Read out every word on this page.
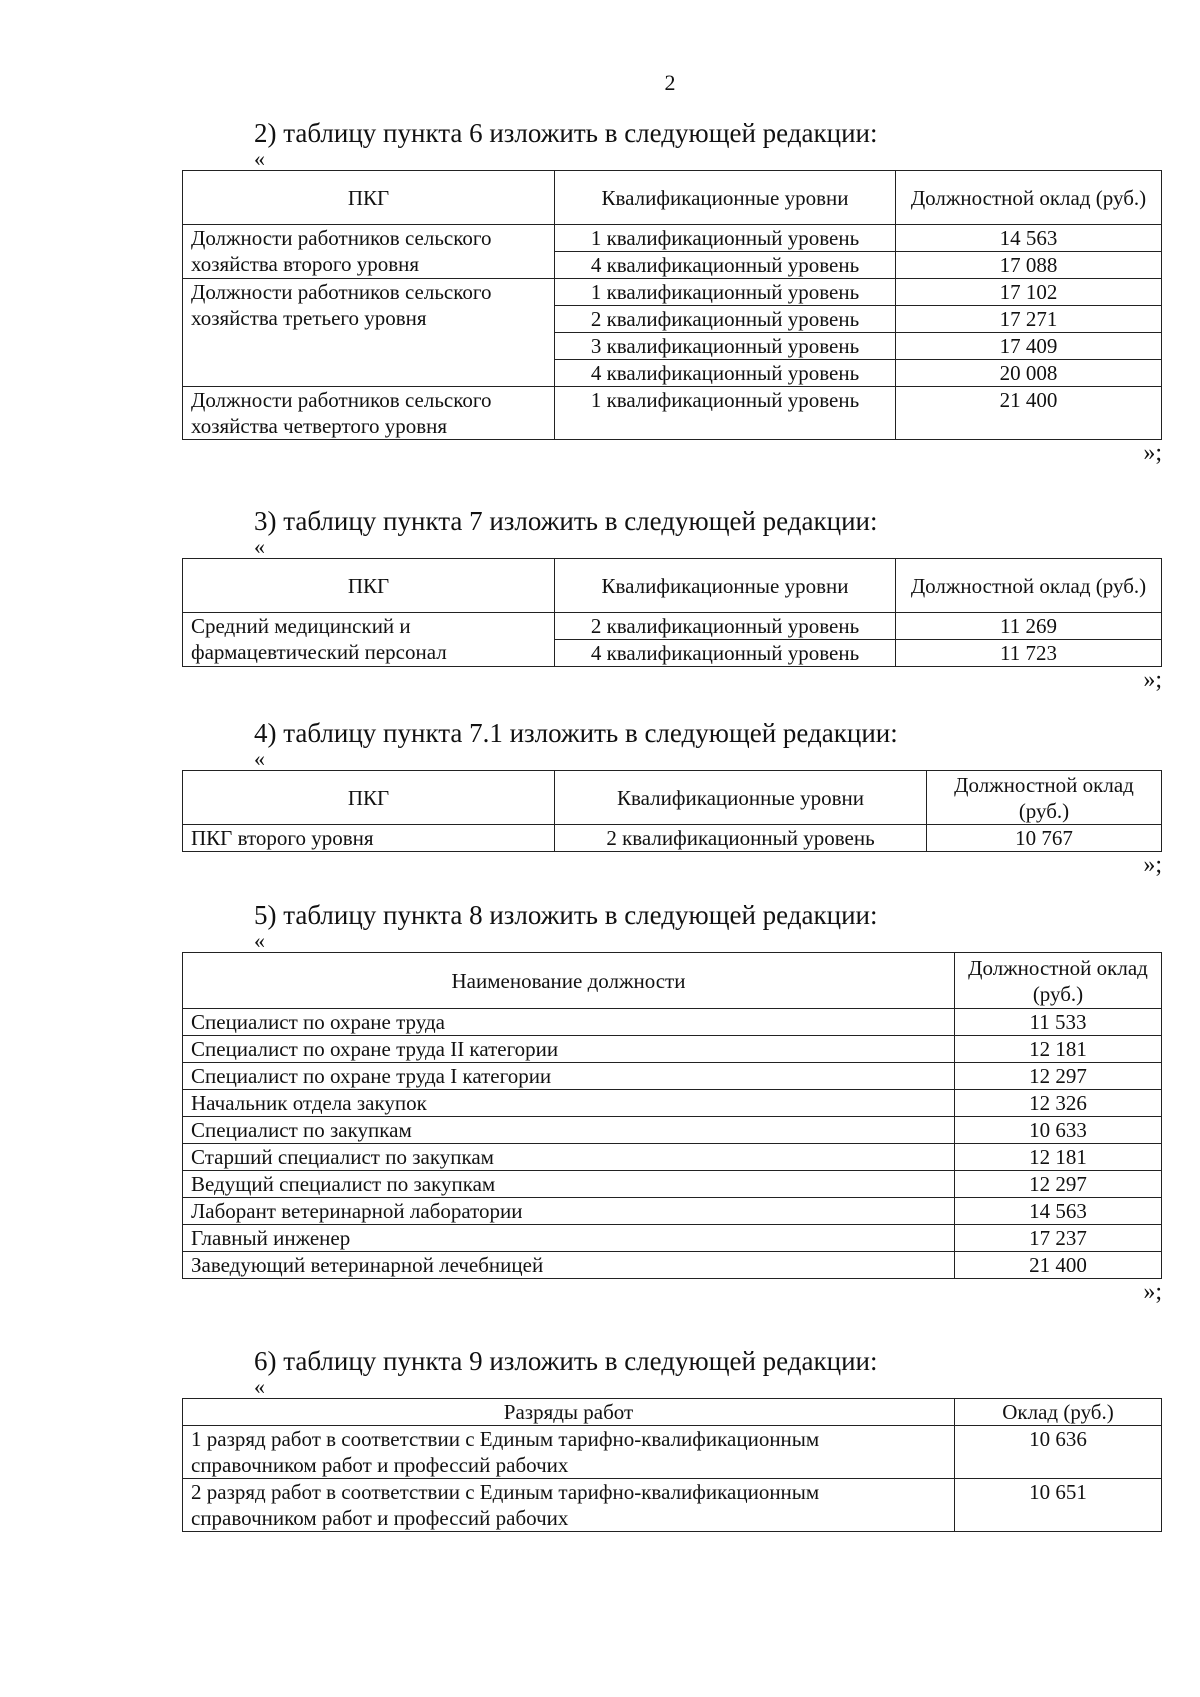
2
2) таблицу пункта 6 изложить в следующей редакции:
«
ПКГ	Квалификационные уровни	Должностной оклад (руб.)
Должности работников сельского хозяйства второго уровня	1 квалификационный уровень	14 563
	4 квалификационный уровень	17 088
Должности работников сельского хозяйства третьего уровня	1 квалификационный уровень	17 102
	2 квалификационный уровень	17 271
	3 квалификационный уровень	17 409
	4 квалификационный уровень	20 008
Должности работников сельского хозяйства четвертого уровня	1 квалификационный уровень	21 400
»;
3) таблицу пункта 7 изложить в следующей редакции:
«
ПКГ	Квалификационные уровни	Должностной оклад (руб.)
Средний медицинский и фармацевтический персонал	2 квалификационный уровень	11 269
	4 квалификационный уровень	11 723
»;
4) таблицу пункта 7.1 изложить в следующей редакции:
«
ПКГ	Квалификационные уровни	Должностной оклад (руб.)
ПКГ второго уровня	2 квалификационный уровень	10 767
»;
5) таблицу пункта 8 изложить в следующей редакции:
«
Наименование должности	Должностной оклад (руб.)
Специалист по охране труда	11 533
Специалист по охране труда II категории	12 181
Специалист по охране труда I категории	12 297
Начальник отдела закупок	12 326
Специалист по закупкам	10 633
Старший специалист по закупкам	12 181
Ведущий специалист по закупкам	12 297
Лаборант ветеринарной лаборатории	14 563
Главный инженер	17 237
Заведующий ветеринарной лечебницей	21 400
»;
6) таблицу пункта 9 изложить в следующей редакции:
«
Разряды работ	Оклад (руб.)
1 разряд работ в соответствии с Единым тарифно-квалификационным справочником работ и профессий рабочих	10 636
2 разряд работ в соответствии с Единым тарифно-квалификационным справочником работ и профессий рабочих	10 651
